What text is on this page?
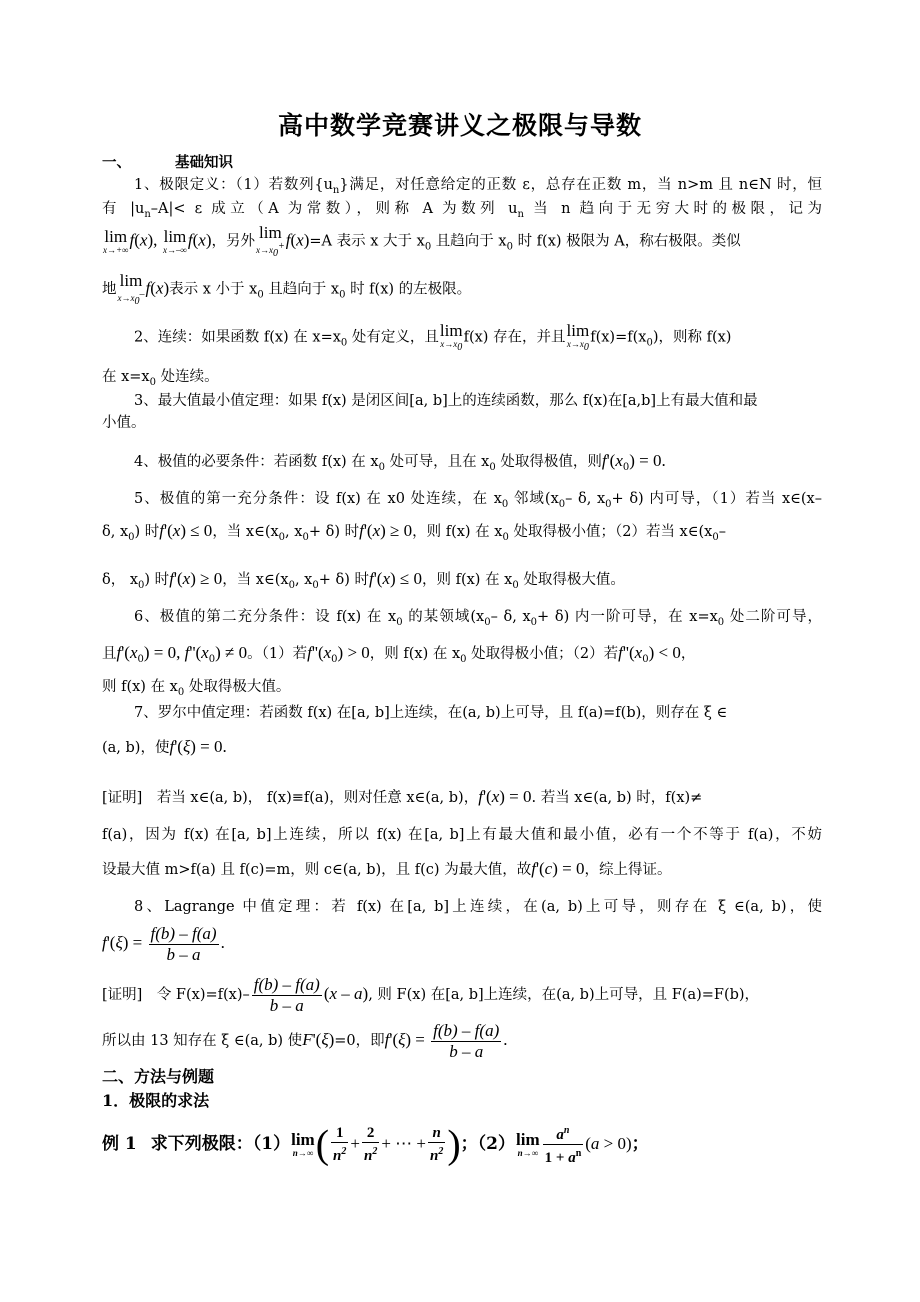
高中数学竞赛讲义之极限与导数
一、	基础知识
1、极限定义：（1）若数列$\{u_n\}$满足，对任意给定的正数 ε，总存在正数 m，当 n>m 且 n∈N 时，恒
有 $|u_n-A|< \varepsilon$ 成立（A 为常数），则称 A 为数列 $u_n$ 当 n 趋向于无穷大时的极限，记为
lim
x→+∞
f(x), lim
x→–∞
f(x)，另外 lim
$x\to x_0^+$ f(x)=A 表示 x 大于 $x_0$ 且趋向于 $x_0$ 时 f(x) 极限为 A，称右极限。类似
地 lim
$x\to x_0^-$ f(x)表示 x 小于 $x_0$ 且趋向于 $x_0$ 时 f(x) 的左极限。
2、连续：如果函数 f(x) 在 $x=x_0$ 处有定义，且 lim
$x\to x_0$
f(x) 存在，并且 lim
$x\to x_0$
$f(x)=f(x_0)$，则称 f(x)
在 $x=x_0$ 处连续。
3、最大值最小值定理：如果 f(x) 是闭区间[a, b]上的连续函数，那么 f(x)在[a,b]上有最大值和最
小值。
4、极值的必要条件：若函数 f(x) 在 $x_0$ 处可导，且在 $x_0$ 处取得极值，则$f'(x_0) = 0$.
5、极值的第一充分条件：设 f(x) 在 x0 处连续，在 $x_0$ 邻域($x_0-$ δ, $x_0+ \delta$) 内可导，（1）若当 x∈(x–
δ, $x_0$) 时f'(x) ≤ 0，当 $x\in(x_0$, $x_0+ \delta$) 时f'(x) ≥ 0，则 f(x) 在 $x_0$ 处取得极小值；（2）若当 $x\in(x_0-$
δ， $x_0$) 时f'(x) ≥ 0，当 $x\in(x_0$, $x_0+ \delta$) 时f'(x) ≤ 0，则 f(x) 在 $x_0$ 处取得极大值。
6、极值的第二充分条件：设 f(x) 在 $x_0$ 的某领域($x_0-$ δ, $x_0+ \delta$) 内一阶可导，在 $x=x_0$ 处二阶可导，
且$f'(x_0) = 0$, $f''(x_0) \ne 0$。（1）若$f''(x_0) > 0$，则 f(x) 在 $x_0$ 处取得极小值；（2）若$f''(x_0) < 0$，
则 f(x) 在 $x_0$ 处取得极大值。
7、罗尔中值定理：若函数 f(x) 在[a, b]上连续，在(a, b)上可导，且 f(a)=f(b)，则存在 ξ ∈
(a, b)，使f'(ξ) = 0.
[证明]　若当 x∈(a, b)， f(x)≡f(a)，则对任意 x∈(a, b)，f'(x) = 0. 若当 x∈(a, b) 时，f(x)≠
f(a)，因为 f(x) 在[a, b]上连续，所以 f(x) 在[a, b]上有最大值和最小值，必有一个不等于 f(a)，不妨
设最大值 m>f(a) 且 f(c)=m，则 c∈(a, b)，且 f(c) 为最大值，故f'(c) = 0，综上得证。
8、Lagrange 中值定理：若 f(x) 在[a, b]上连续，在(a, b)上可导，则存在 ξ ∈(a, b)，使
$f'(\xi) = \frac{f(b) - f(a)}{b - a}$ .
[证明]　令 $F(x)=f(x)- \frac{f(b) - f(a)}{b - a} (x - a)$, 则 F(x) 在[a, b]上连续，在(a, b)上可导，且 F(a)=F(b)，
所以由 13 知存在 ξ ∈(a, b) 使F'(ξ)=0，即$f'(\xi) = \frac{f(b) - f(a)}{b - a}$ .
二、方法与例题
1．极限的求法
例 1 求下列极限：（1） lim
n→∞ ( $\frac{1}{n^2} + \frac{2}{n^2}$ + ⋯ + $\frac{n}{n^2}$ )；（2） lim
$n\to\infty \frac{a^n}{1 + a^n} (a > 0)$；
